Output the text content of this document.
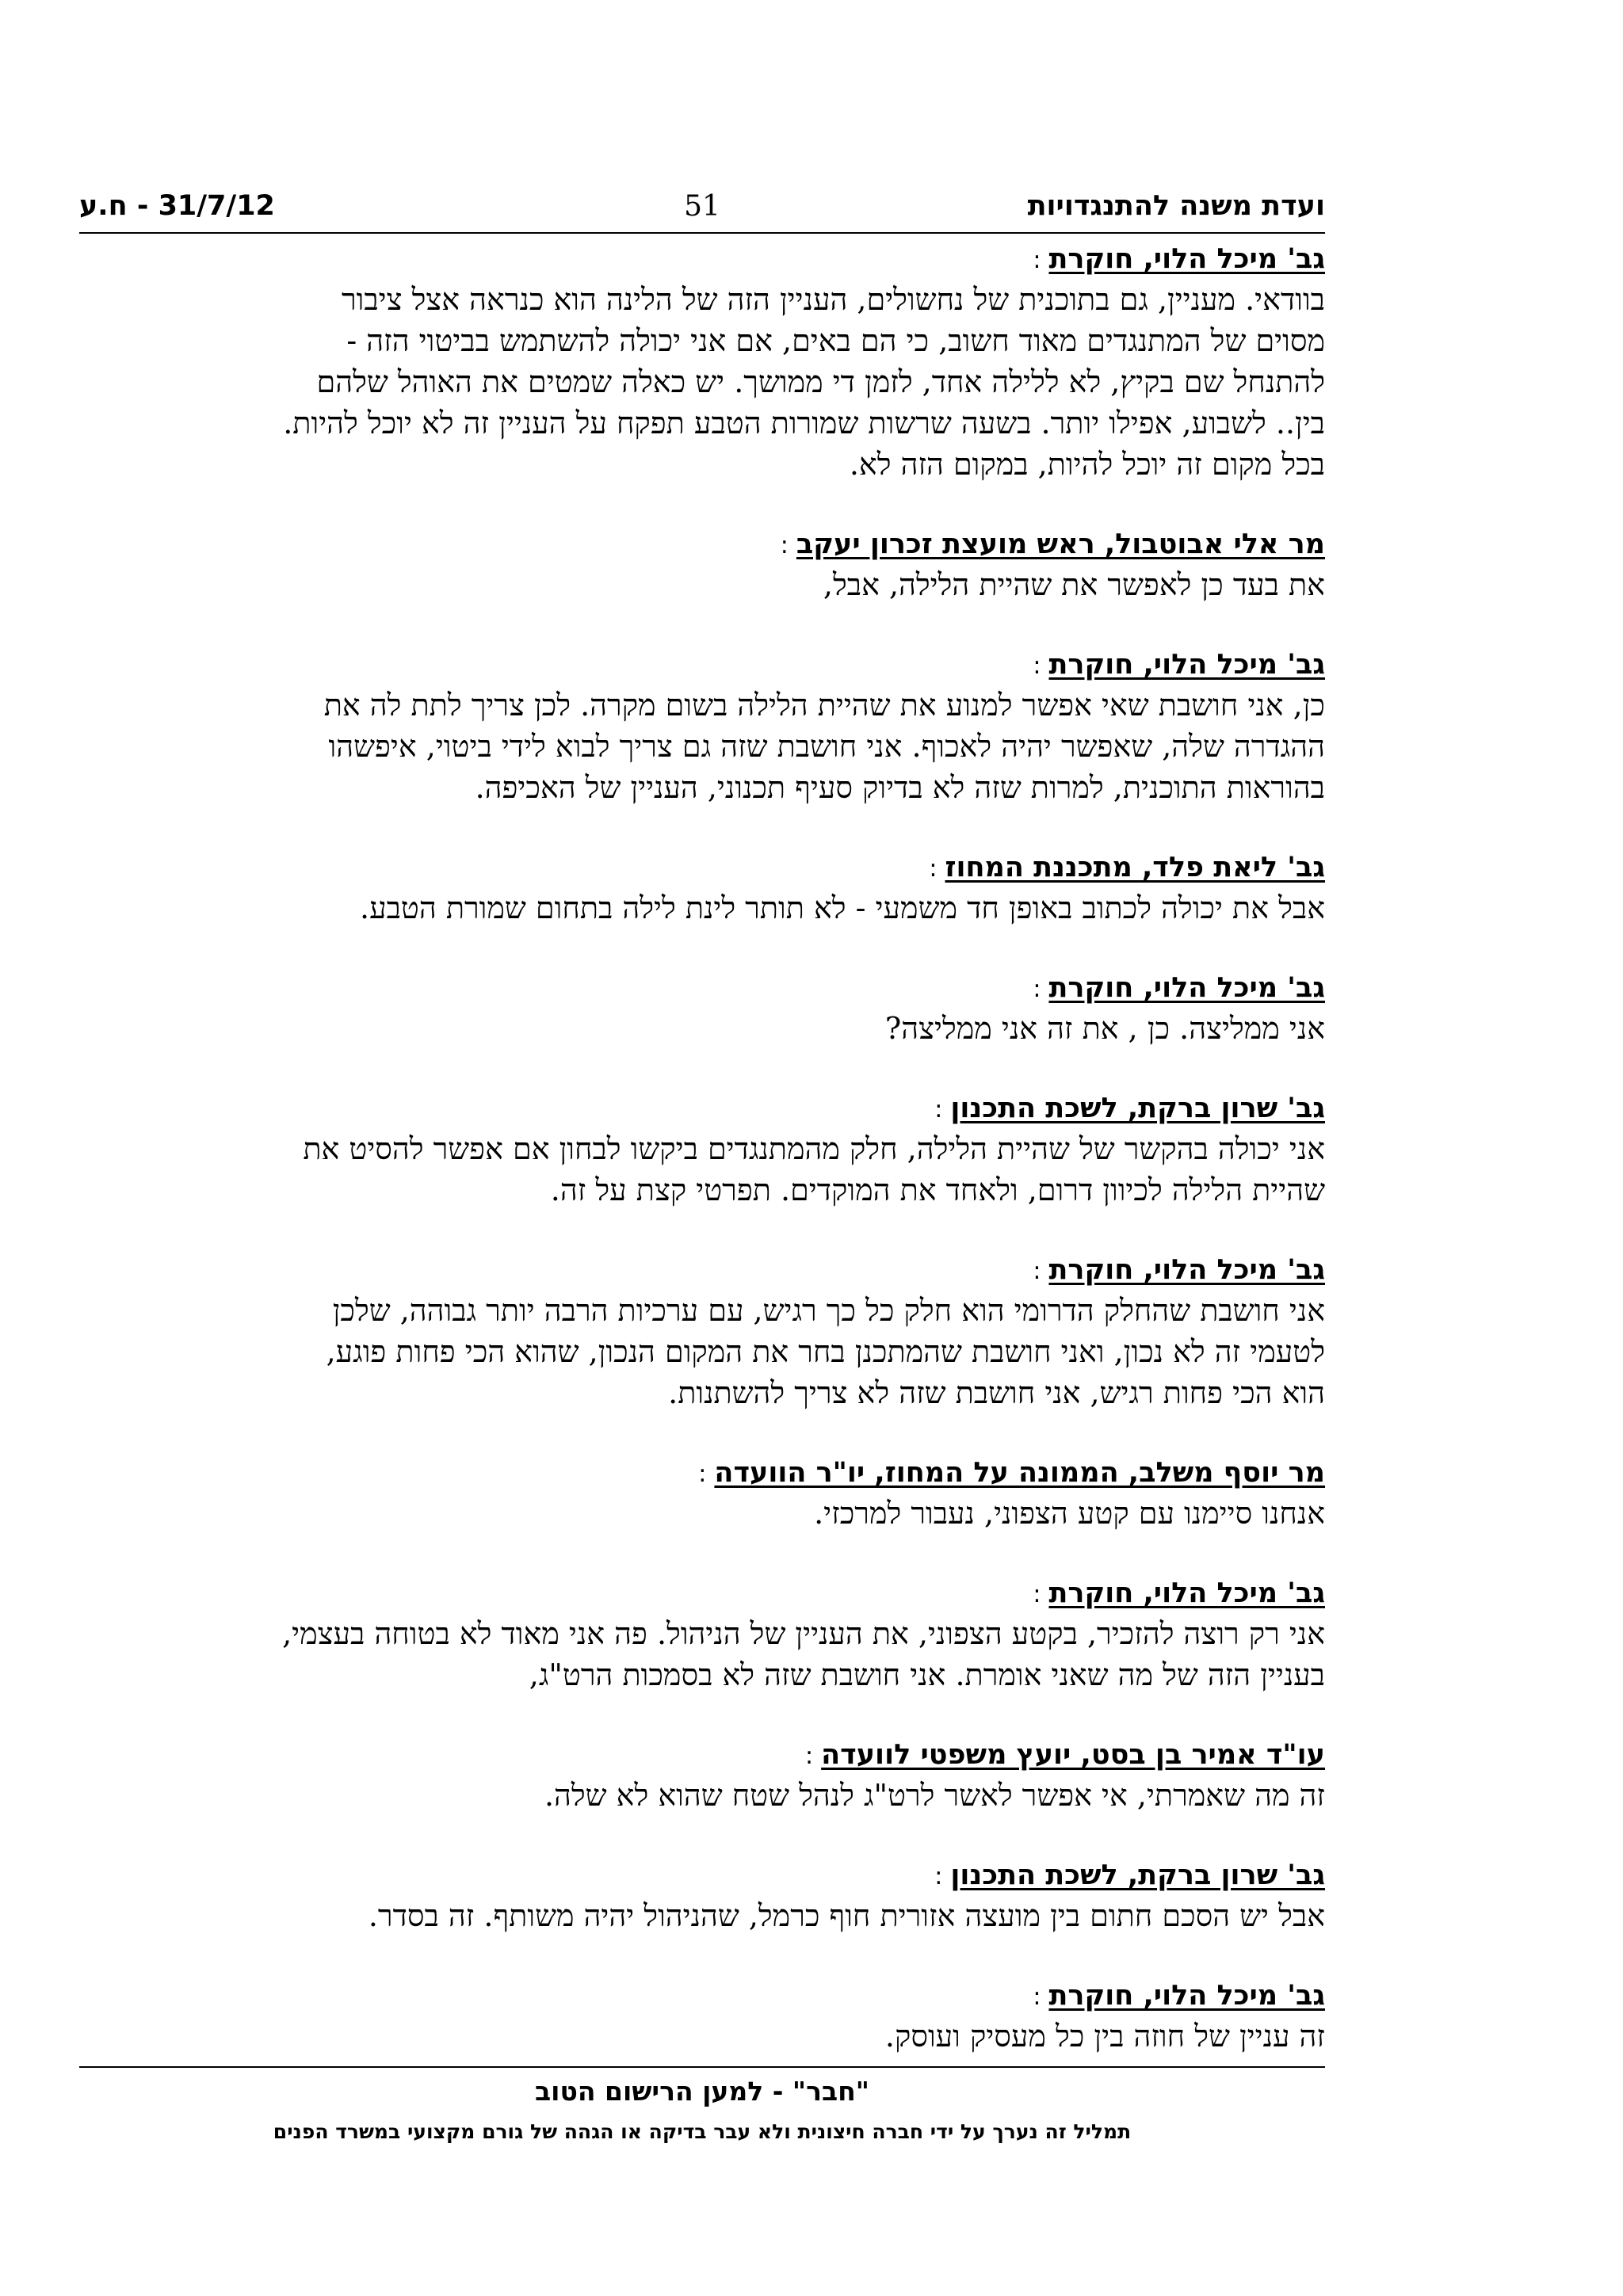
ועדת משנה להתנגדויות
51
31/7/12 - ח.ע
גב' מיכל הלוי, חוקרת:
בוודאי. מעניין, גם בתוכנית של נחשולים, העניין הזה של הלינה הוא כנראה אצל ציבור
מסוים של המתנגדים מאוד חשוב, כי הם באים, אם אני יכולה להשתמש בביטוי הזה -
להתנחל שם בקיץ, לא ללילה אחד, לזמן די ממושך. יש כאלה שמטים את האוהל שלהם
בין.. לשבוע, אפילו יותר. בשעה שרשות שמורות הטבע תפקח על העניין זה לא יוכל להיות.
בכל מקום זה יוכל להיות, במקום הזה לא.
מר אלי אבוטבול, ראש מועצת זכרון יעקב:
את בעד כן לאפשר את שהיית הלילה, אבל,
גב' מיכל הלוי, חוקרת:
כן, אני חושבת שאי אפשר למנוע את שהיית הלילה בשום מקרה. לכן צריך לתת לה את
ההגדרה שלה, שאפשר יהיה לאכוף. אני חושבת שזה גם צריך לבוא לידי ביטוי, איפשהו
בהוראות התוכנית, למרות שזה לא בדיוק סעיף תכנוני, העניין של האכיפה.
גב' ליאת פלד, מתכננת המחוז:
אבל את יכולה לכתוב באופן חד משמעי - לא תותר לינת לילה בתחום שמורת הטבע.
גב' מיכל הלוי, חוקרת:
אני ממליצה. כן , את זה אני ממליצה?
גב' שרון ברקת, לשכת התכנון:
אני יכולה בהקשר של שהיית הלילה, חלק מהמתנגדים ביקשו לבחון אם אפשר להסיט את
שהיית הלילה לכיוון דרום, ולאחד את המוקדים. תפרטי קצת על זה.
גב' מיכל הלוי, חוקרת:
אני חושבת שהחלק הדרומי הוא חלק כל כך רגיש, עם ערכיות הרבה יותר גבוהה, שלכן
לטעמי זה לא נכון, ואני חושבת שהמתכנן בחר את המקום הנכון, שהוא הכי פחות פוגע,
הוא הכי פחות רגיש, אני חושבת שזה לא צריך להשתנות.
מר יוסף משלב, הממונה על המחוז, יו"ר הוועדה:
אנחנו סיימנו עם קטע הצפוני, נעבור למרכזי.
גב' מיכל הלוי, חוקרת:
אני רק רוצה להזכיר, בקטע הצפוני, את העניין של הניהול. פה אני מאוד לא בטוחה בעצמי,
בעניין הזה של מה שאני אומרת. אני חושבת שזה לא בסמכות הרט"ג,
עו"ד אמיר בן בסט, יועץ משפטי לוועדה:
זה מה שאמרתי, אי אפשר לאשר לרט"ג לנהל שטח שהוא לא שלה.
גב' שרון ברקת, לשכת התכנון:
אבל יש הסכם חתום בין מועצה אזורית חוף כרמל, שהניהול יהיה משותף. זה בסדר.
גב' מיכל הלוי, חוקרת:
זה עניין של חוזה בין כל מעסיק ועוסק.
"חבר" - למען הרישום הטוב
תמליל זה נערך על ידי חברה חיצונית ולא עבר בדיקה או הגהה של גורם מקצועי במשרד הפנים
